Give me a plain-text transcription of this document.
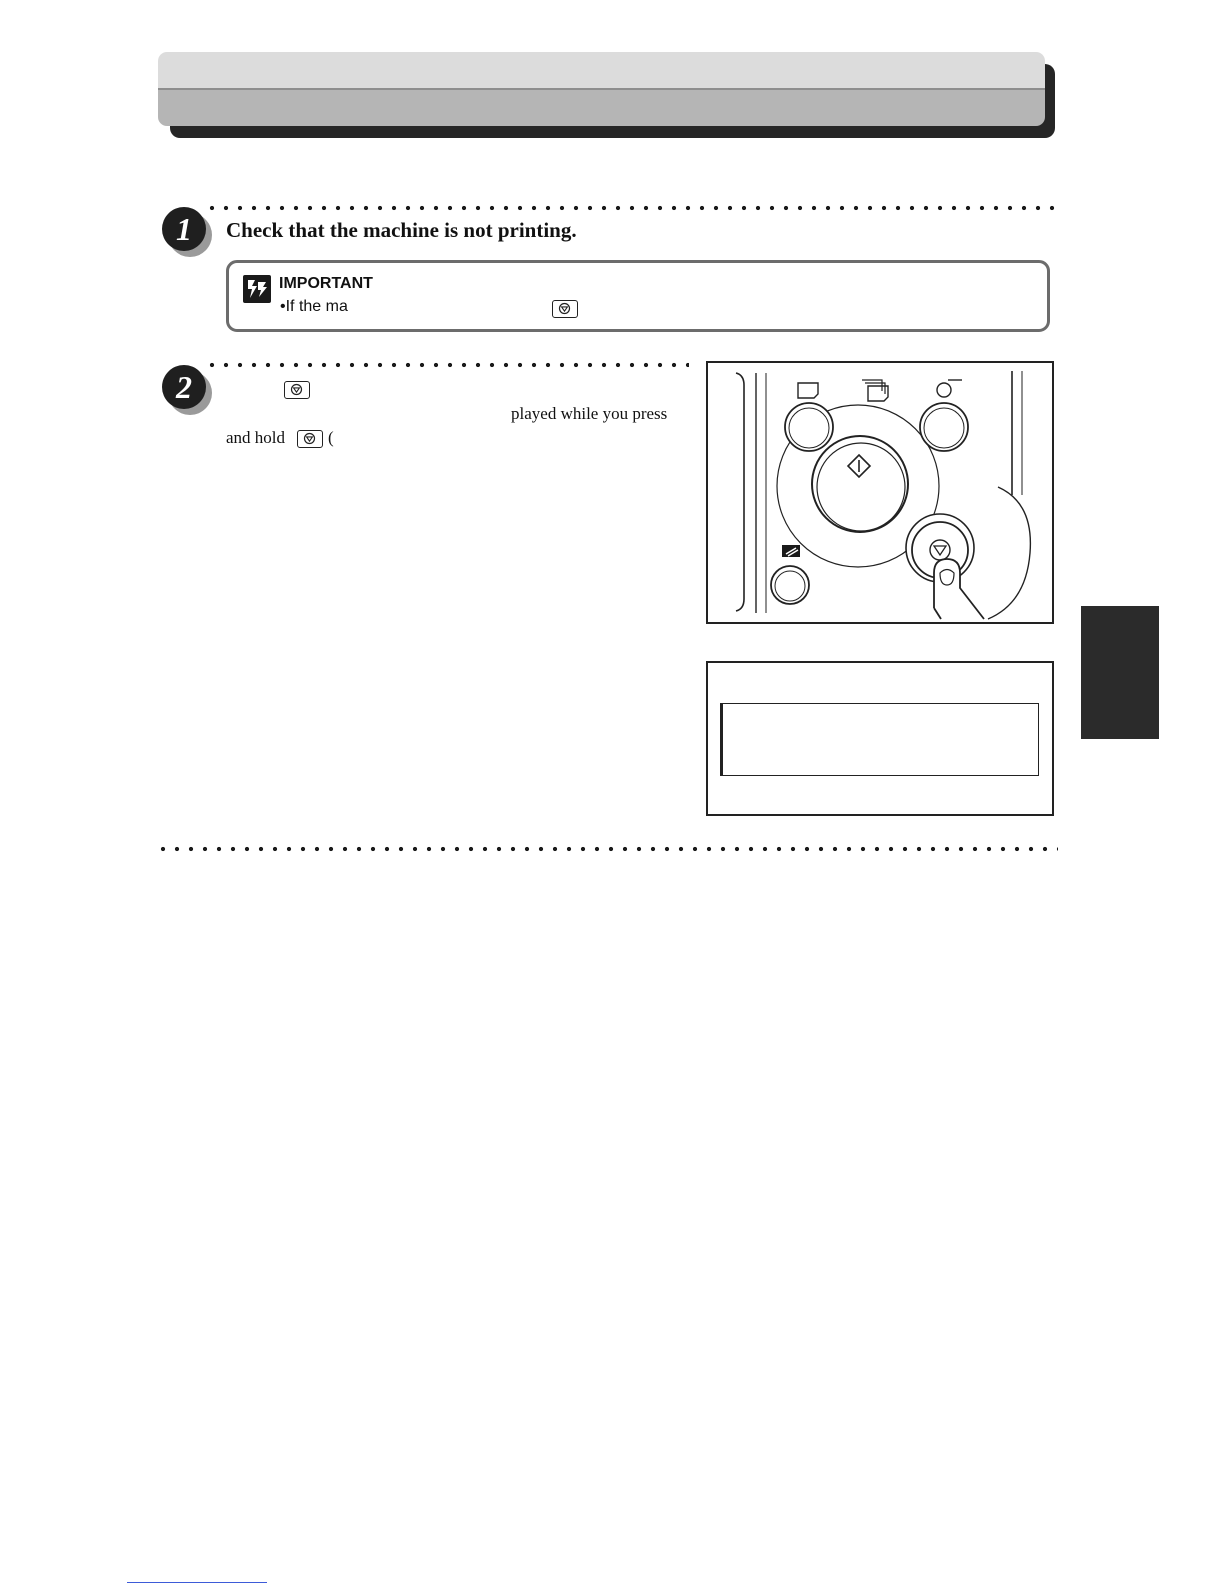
1	Check that the machine is not printing.
IMPORTANT
•If the ma
2
played while you press
and hold	(
